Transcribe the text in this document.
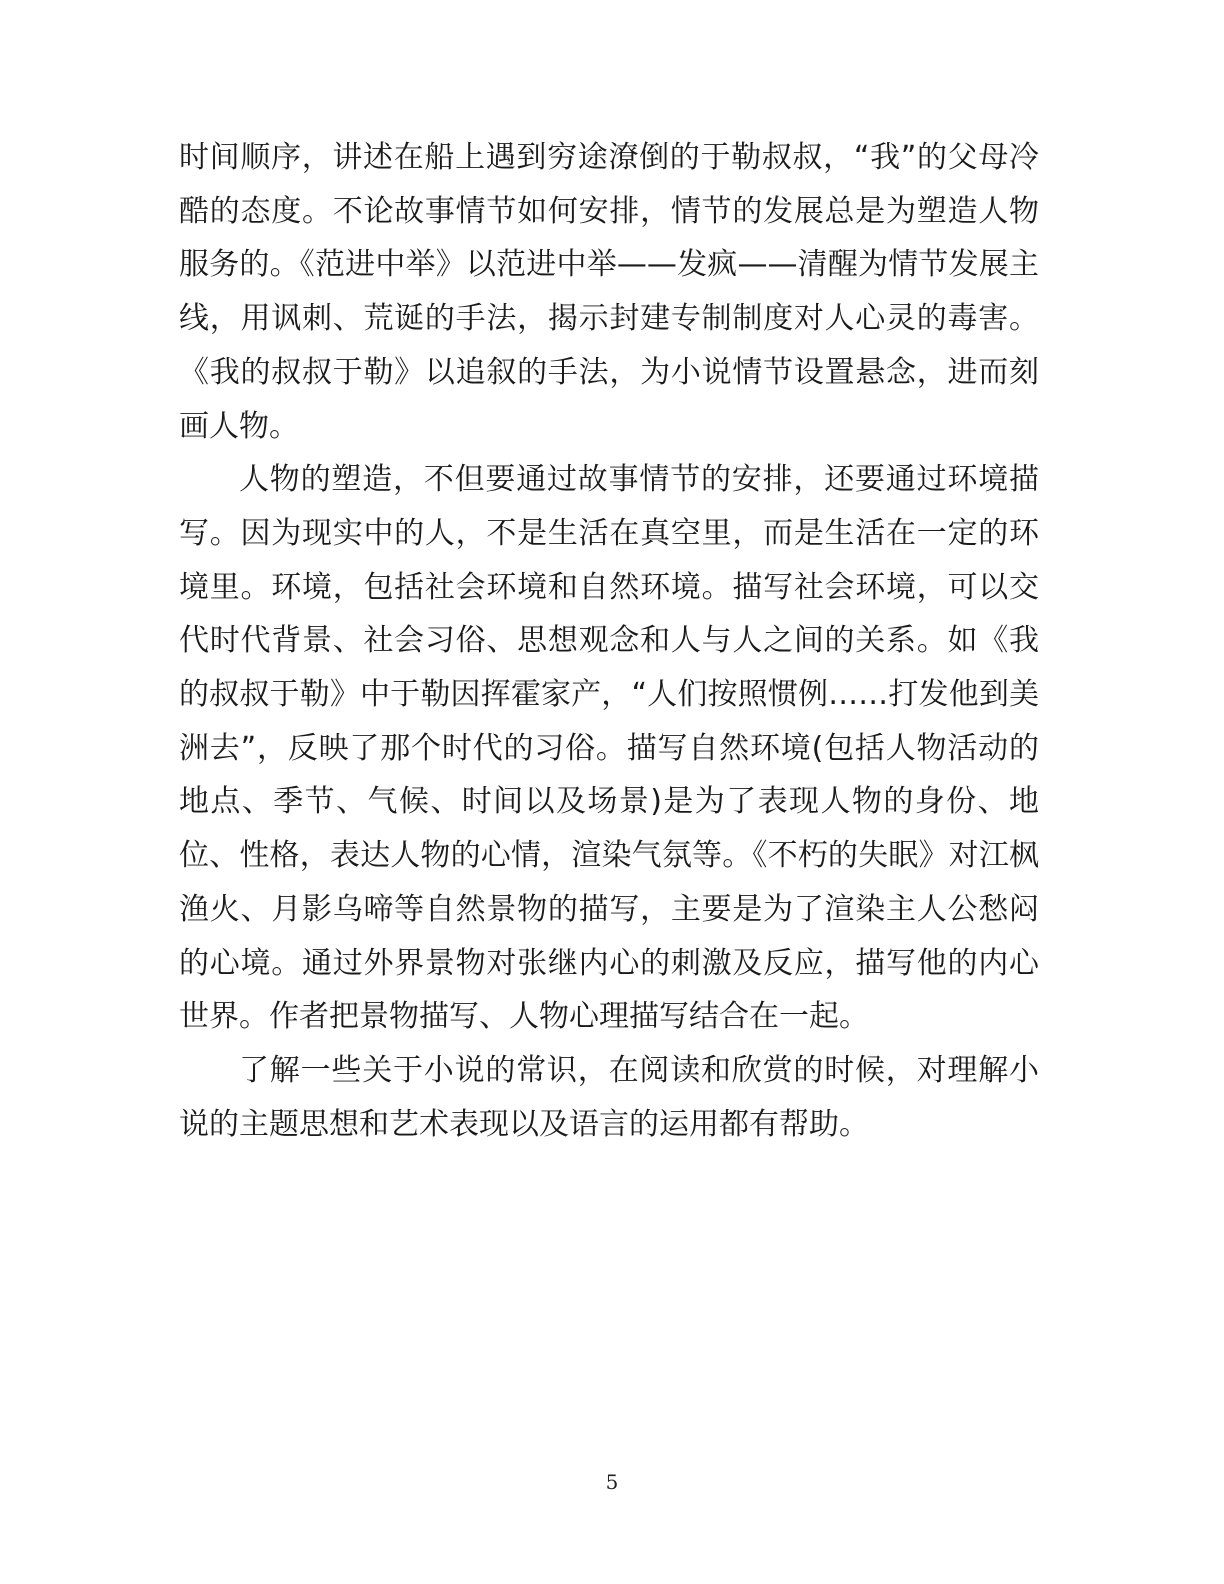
时间顺序，讲述在船上遇到穷途潦倒的于勒叔叔，“我”的父母冷酷的态度。不论故事情节如何安排，情节的发展总是为塑造人物服务的。《范进中举》以范进中举——发疯——清醒为情节发展主线，用讽刺、荒诞的手法，揭示封建专制制度对人心灵的毒害。《我的叔叔于勒》以追叙的手法，为小说情节设置悬念，进而刻画人物。

人物的塑造，不但要通过故事情节的安排，还要通过环境描写。因为现实中的人，不是生活在真空里，而是生活在一定的环境里。环境，包括社会环境和自然环境。描写社会环境，可以交代时代背景、社会习俗、思想观念和人与人之间的关系。如《我的叔叔于勒》中于勒因挥霍家产，“人们按照惯例……打发他到美洲去”，反映了那个时代的习俗。描写自然环境(包括人物活动的地点、季节、气候、时间以及场景)是为了表现人物的身份、地位、性格，表达人物的心情，渲染气氛等。《不朽的失眠》对江枫渔火、月影乌啼等自然景物的描写，主要是为了渲染主人公愁闷的心境。通过外界景物对张继内心的刺激及反应，描写他的内心世界。作者把景物描写、人物心理描写结合在一起。

了解一些关于小说的常识，在阅读和欣赏的时候，对理解小说的主题思想和艺术表现以及语言的运用都有帮助。

5
